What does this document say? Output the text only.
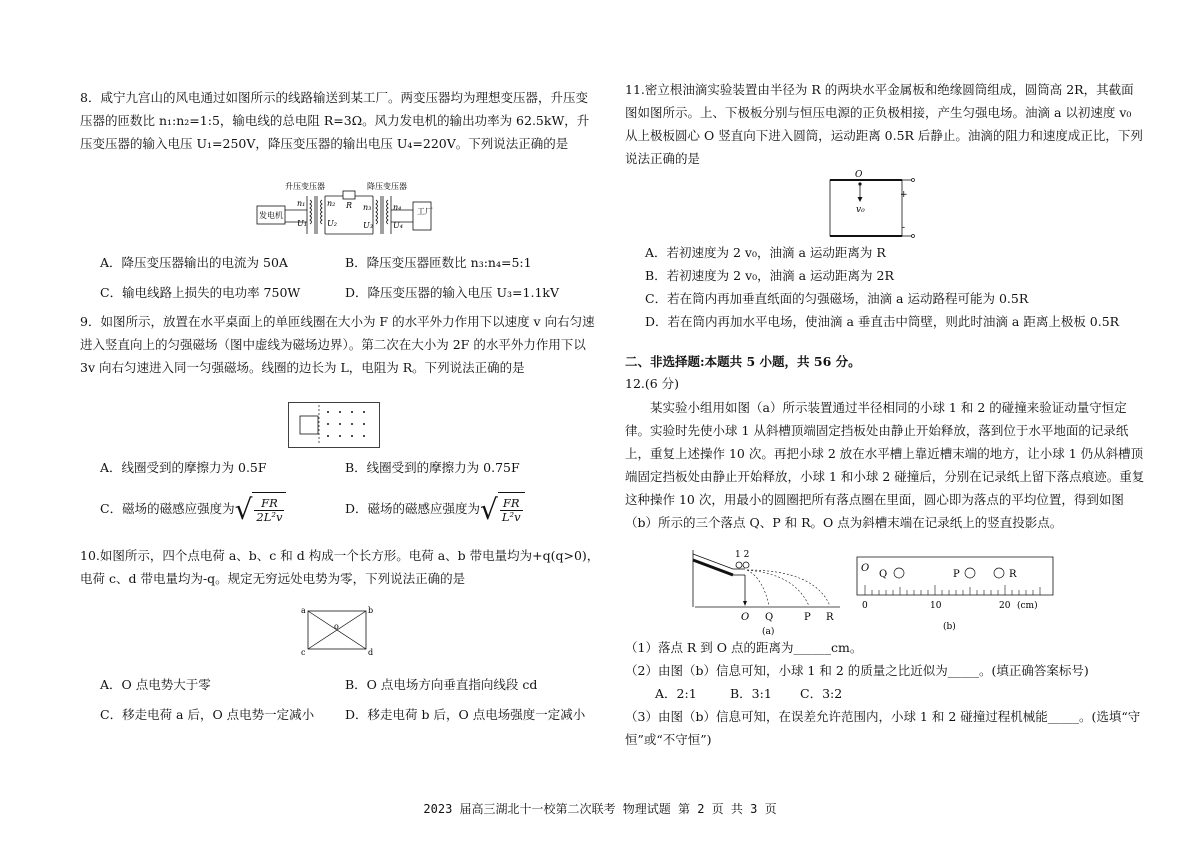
8．咸宁九宫山的风电通过如图所示的线路输送到某工厂。两变压器均为理想变压器，升压变压器的匝数比 n₁:n₂=1:5，输电线的总电阻 R=3Ω。风力发电机的输出功率为 62.5kW，升压变压器的输入电压 U₁=250V，降压变压器的输出电压 U₄=220V。下列说法正确的是
升压变压器	降压变压器
发电机
n₁
U₁
n₂
U₂
R n₃
U₃
n₄
U₄
工厂
A．降压变压器输出的电流为 50A	B．降压变压器匝数比 n₃:n₄=5:1
C．输电线路上损失的电功率 750W	D．降压变压器的输入电压 U₃=1.1kV
9．如图所示，放置在水平桌面上的单匝线圈在大小为 F 的水平外力作用下以速度 v 向右匀速进入竖直向上的匀强磁场（图中虚线为磁场边界）。第二次在大小为 2F 的水平外力作用下以 3v 向右匀速进入同一匀强磁场。线圈的边长为 L，电阻为 R。下列说法正确的是
A．线圈受到的摩擦力为 0.5F	B．线圈受到的摩擦力为 0.75F
C．磁场的磁感应强度为√ $\frac{FR}{\text{2L²v}}$	D．磁场的磁感应强度为√ $\frac{FR}{\text{L²v}}$
10.如图所示，四个点电荷 a、b、c 和 d 构成一个长方形。电荷 a、b 带电量均为+q(q>0)，电荷 c、d 带电量均为-q。规定无穷远处电势为零，下列说法正确的是
a	b
c	d
o
A．O 点电势大于零	B．O 点电场方向垂直指向线段 cd
C．移走电荷 a 后，O 点电势一定减小 D．移走电荷 b 后，O 点电场强度一定减小
11.密立根油滴实验装置由半径为 R 的两块水平金属板和绝缘圆筒组成，圆筒高 2R，其截面图如图所示。上、下极板分别与恒压电源的正负极相接，产生匀强电场。油滴 a 以初速度 v₀ 从上极板圆心 O 竖直向下进入圆筒，运动距离 0.5R 后静止。油滴的阻力和速度成正比，下列说法正确的是
+
-
O
v₀
A．若初速度为 2 v₀，油滴 a 运动距离为 R
B．若初速度为 2 v₀，油滴 a 运动距离为 2R
C．若在筒内再加垂直纸面的匀强磁场，油滴 a 运动路程可能为 0.5R
D．若在筒内再加水平电场，使油滴 a 垂直击中筒壁，则此时油滴 a 距离上极板 0.5R
二、非选择题:本题共 5 小题，共 56 分。
12.(6 分)
某实验小组用如图（a）所示装置通过半径相同的小球 1 和 2 的碰撞来验证动量守恒定律。实验时先使小球 1 从斜槽顶端固定挡板处由静止开始释放，落到位于水平地面的记录纸上，重复上述操作 10 次。再把小球 2 放在水平槽上靠近槽末端的地方，让小球 1 仍从斜槽顶端固定挡板处由静止开始释放，小球 1 和小球 2 碰撞后，分别在记录纸上留下落点痕迹。重复这种操作 10 次，用最小的圆圈把所有落点圈在里面，圆心即为落点的平均位置，得到如图（b）所示的三个落点 Q、P 和 R。O 点为斜槽末端在记录纸上的竖直投影点。
1 2
O Q	P R
(a)
O
Q	P	R
0	10	20 (cm)
(b)
（1）落点 R 到 O 点的距离为______cm。
（2）由图（b）信息可知，小球 1 和 2 的质量之比近似为_____。(填正确答案标号)
A．2:1	B．3:1 C．3:2
（3）由图（b）信息可知，在误差允许范围内，小球 1 和 2 碰撞过程机械能_____。(选填“守恒”或“不守恒”)
2023 届高三湖北十一校第二次联考 物理试题 第 2 页 共 3 页
